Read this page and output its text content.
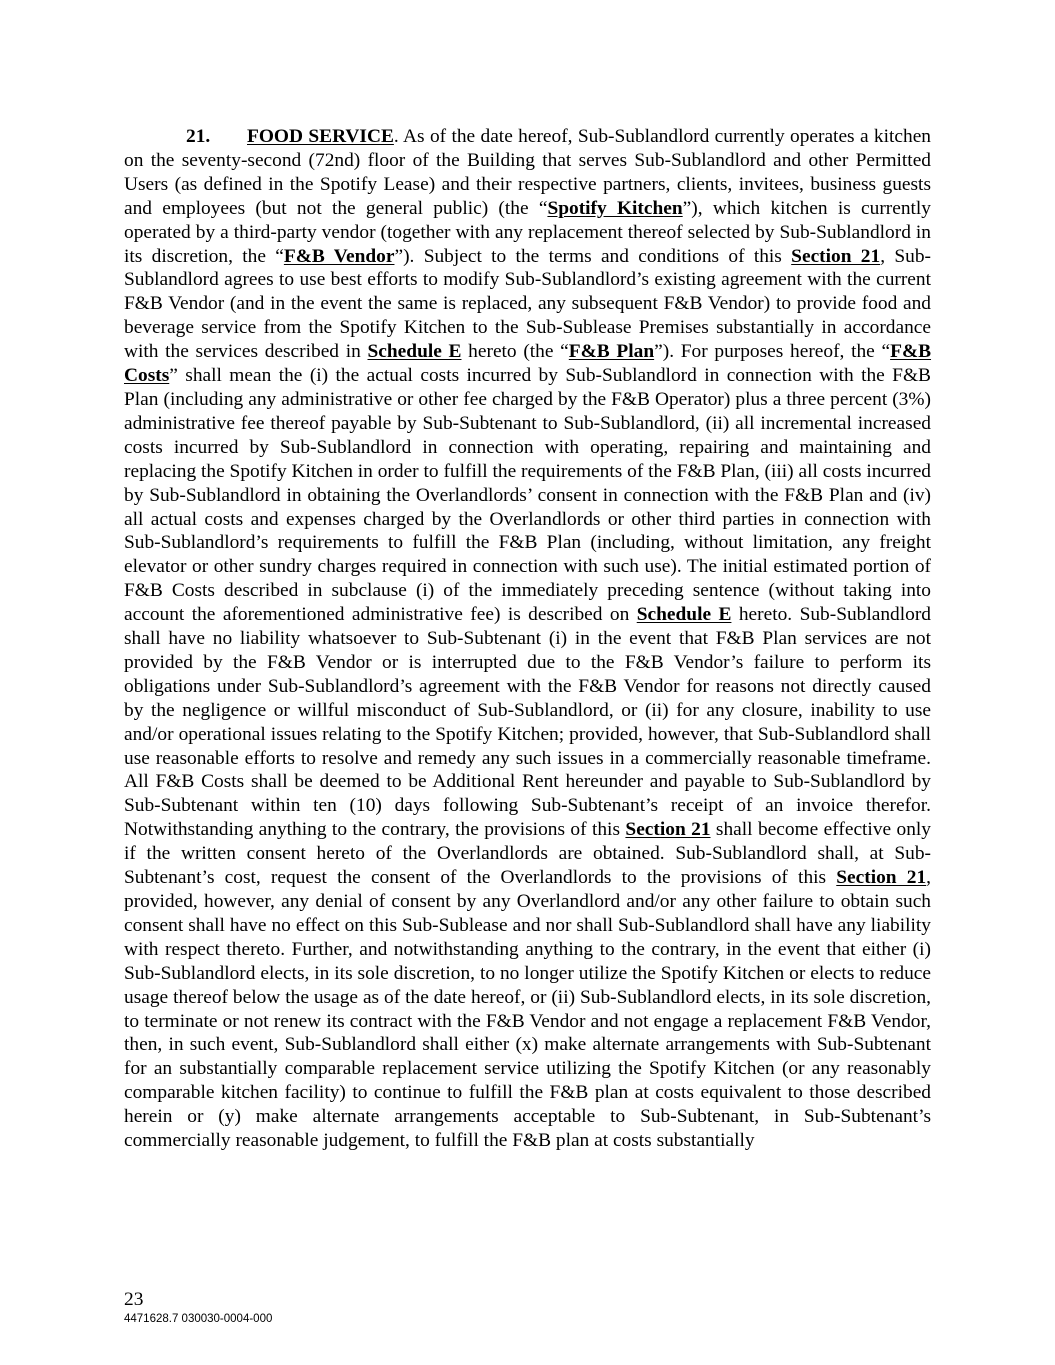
21. FOOD SERVICE. As of the date hereof, Sub-Sublandlord currently operates a kitchen on the seventy-second (72nd) floor of the Building that serves Sub-Sublandlord and other Permitted Users (as defined in the Spotify Lease) and their respective partners, clients, invitees, business guests and employees (but not the general public) (the “Spotify Kitchen”), which kitchen is currently operated by a third-party vendor (together with any replacement thereof selected by Sub-Sublandlord in its discretion, the “F&B Vendor”). Subject to the terms and conditions of this Section 21, Sub-Sublandlord agrees to use best efforts to modify Sub-Sublandlord’s existing agreement with the current F&B Vendor (and in the event the same is replaced, any subsequent F&B Vendor) to provide food and beverage service from the Spotify Kitchen to the Sub-Sublease Premises substantially in accordance with the services described in Schedule E hereto (the “F&B Plan”). For purposes hereof, the “F&B Costs” shall mean the (i) the actual costs incurred by Sub-Sublandlord in connection with the F&B Plan (including any administrative or other fee charged by the F&B Operator) plus a three percent (3%) administrative fee thereof payable by Sub-Subtenant to Sub-Sublandlord, (ii) all incremental increased costs incurred by Sub-Sublandlord in connection with operating, repairing and maintaining and replacing the Spotify Kitchen in order to fulfill the requirements of the F&B Plan, (iii) all costs incurred by Sub-Sublandlord in obtaining the Overlandlords’ consent in connection with the F&B Plan and (iv) all actual costs and expenses charged by the Overlandlords or other third parties in connection with Sub-Sublandlord’s requirements to fulfill the F&B Plan (including, without limitation, any freight elevator or other sundry charges required in connection with such use). The initial estimated portion of F&B Costs described in subclause (i) of the immediately preceding sentence (without taking into account the aforementioned administrative fee) is described on Schedule E hereto. Sub-Sublandlord shall have no liability whatsoever to Sub-Subtenant (i) in the event that F&B Plan services are not provided by the F&B Vendor or is interrupted due to the F&B Vendor’s failure to perform its obligations under Sub-Sublandlord’s agreement with the F&B Vendor for reasons not directly caused by the negligence or willful misconduct of Sub-Sublandlord, or (ii) for any closure, inability to use and/or operational issues relating to the Spotify Kitchen; provided, however, that Sub-Sublandlord shall use reasonable efforts to resolve and remedy any such issues in a commercially reasonable timeframe. All F&B Costs shall be deemed to be Additional Rent hereunder and payable to Sub-Sublandlord by Sub-Subtenant within ten (10) days following Sub-Subtenant’s receipt of an invoice therefor. Notwithstanding anything to the contrary, the provisions of this Section 21 shall become effective only if the written consent hereto of the Overlandlords are obtained. Sub-Sublandlord shall, at Sub-Subtenant’s cost, request the consent of the Overlandlords to the provisions of this Section 21, provided, however, any denial of consent by any Overlandlord and/or any other failure to obtain such consent shall have no effect on this Sub-Sublease and nor shall Sub-Sublandlord shall have any liability with respect thereto. Further, and notwithstanding anything to the contrary, in the event that either (i) Sub-Sublandlord elects, in its sole discretion, to no longer utilize the Spotify Kitchen or elects to reduce usage thereof below the usage as of the date hereof, or (ii) Sub-Sublandlord elects, in its sole discretion, to terminate or not renew its contract with the F&B Vendor and not engage a replacement F&B Vendor, then, in such event, Sub-Sublandlord shall either (x) make alternate arrangements with Sub-Subtenant for an substantially comparable replacement service utilizing the Spotify Kitchen (or any reasonably comparable kitchen facility) to continue to fulfill the F&B plan at costs equivalent to those described herein or (y) make alternate arrangements acceptable to Sub-Subtenant, in Sub-Subtenant’s commercially reasonable judgement, to fulfill the F&B plan at costs substantially

23
4471628.7 030030-0004-000
